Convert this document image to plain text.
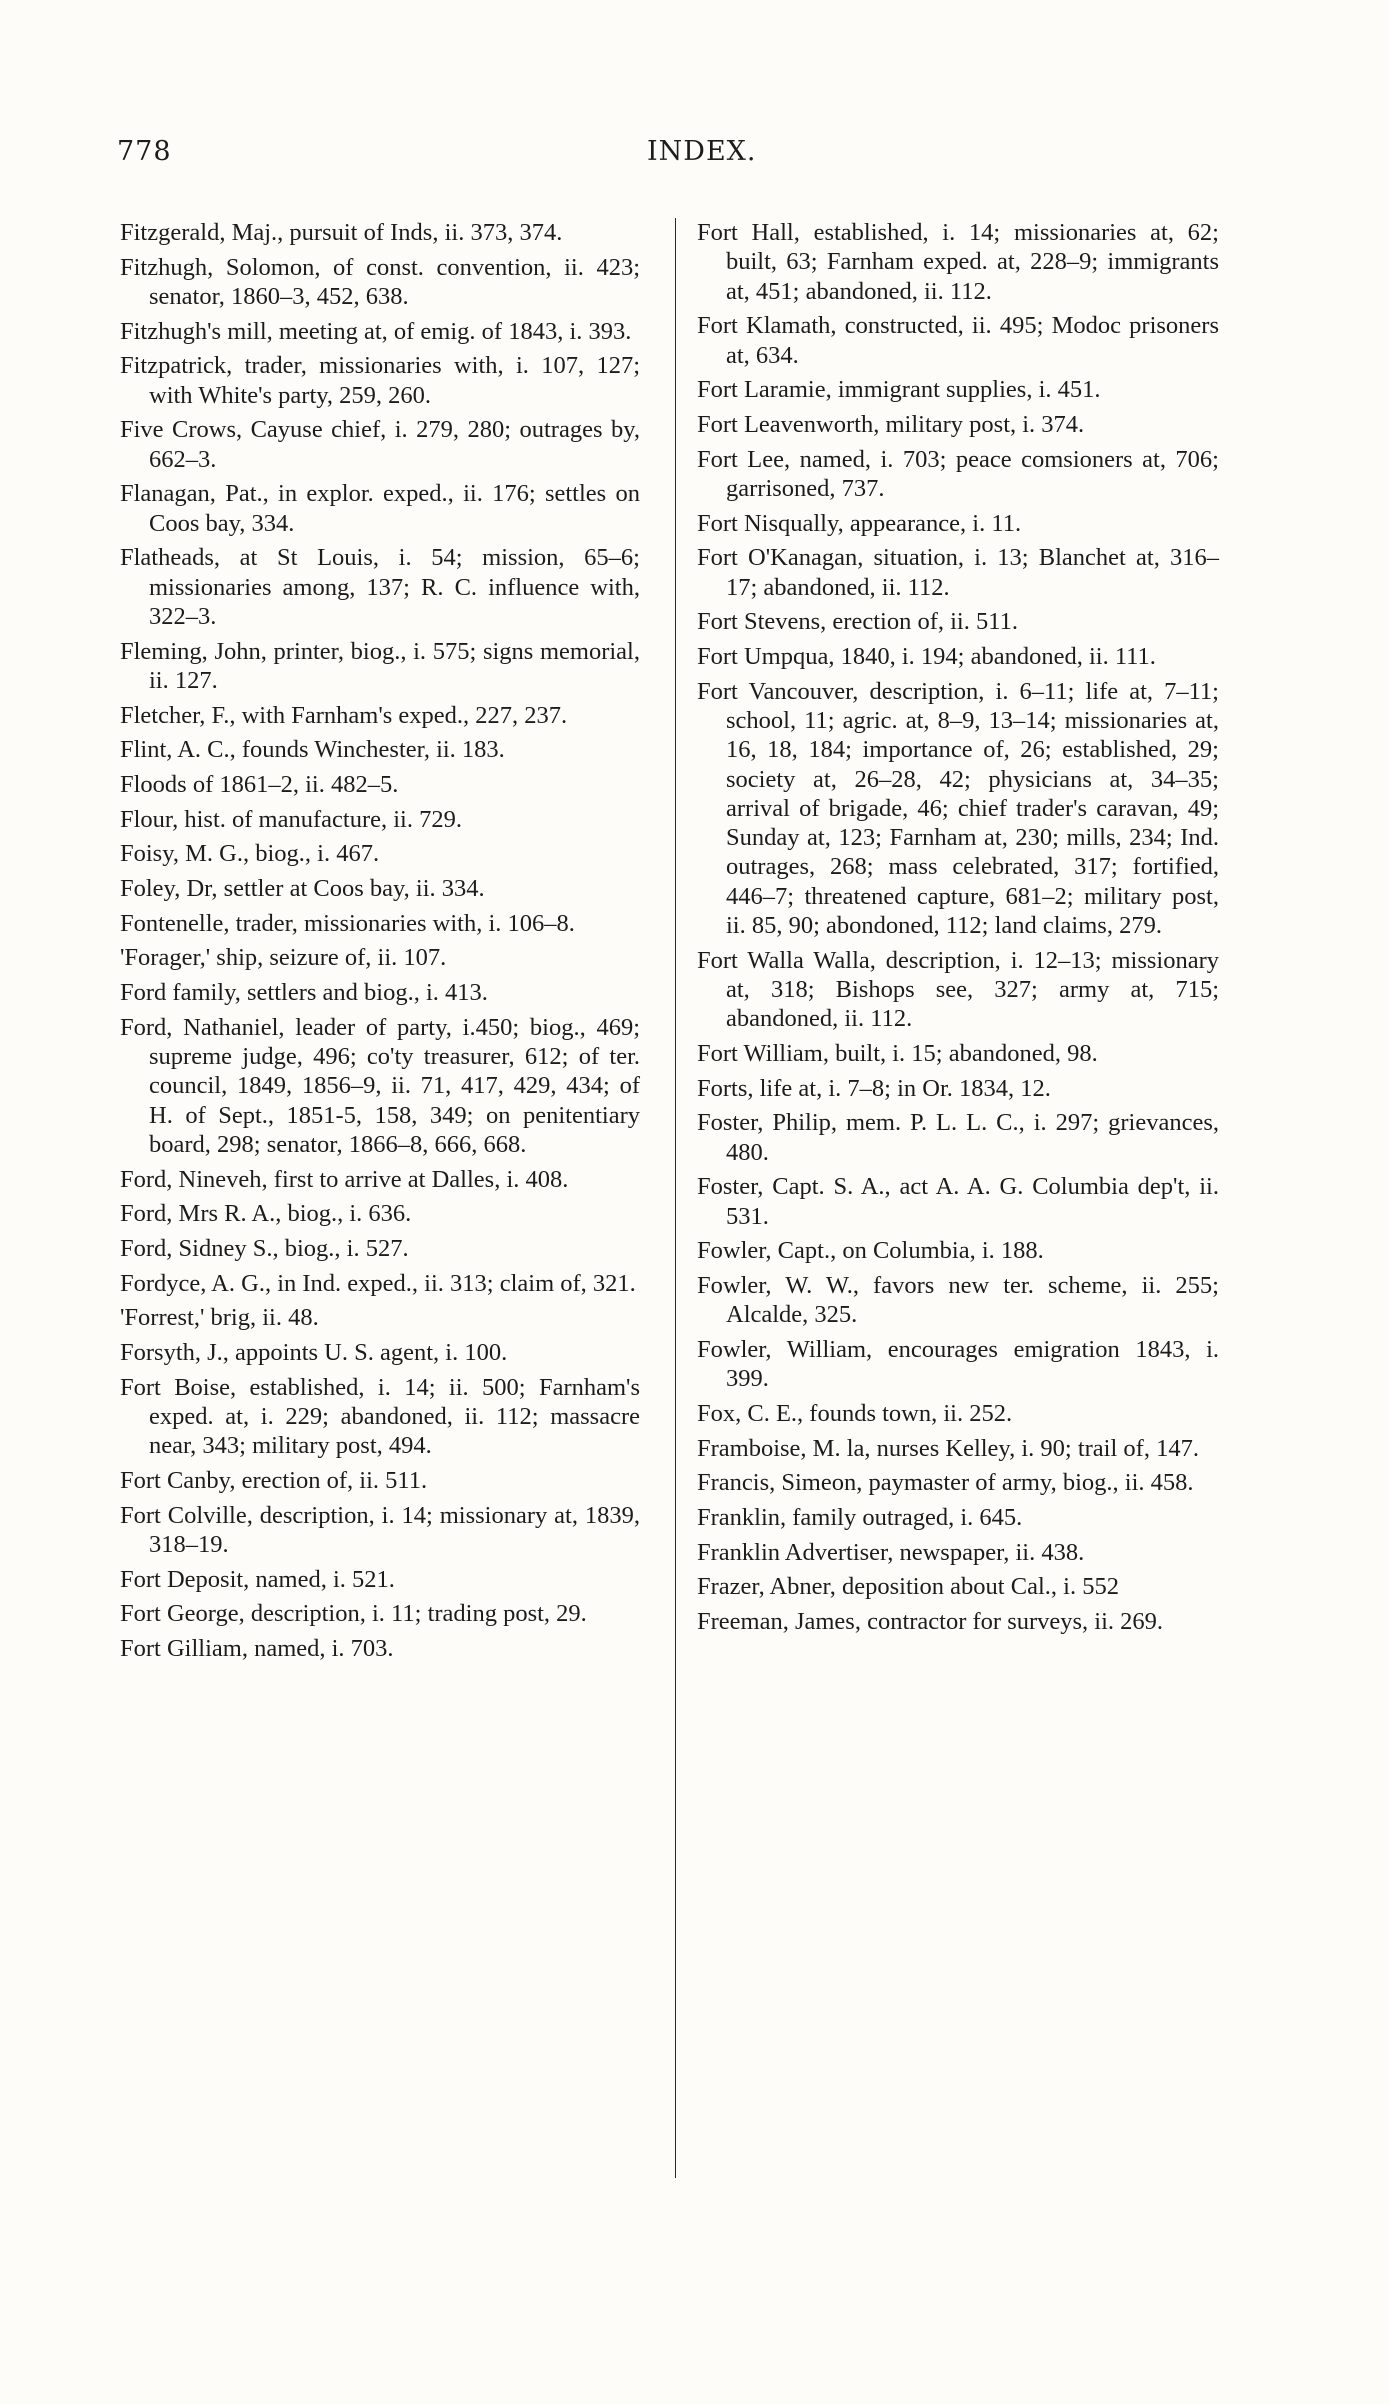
778	INDEX.

Fitzgerald, Maj., pursuit of Inds, ii. 373, 374.

Fitzhugh, Solomon, of const. convention, ii. 423; senator, 1860–3, 452, 638.

Fitzhugh's mill, meeting at, of emig. of 1843, i. 393.

Fitzpatrick, trader, missionaries with, i. 107, 127; with White's party, 259, 260.

Five Crows, Cayuse chief, i. 279, 280; outrages by, 662–3.

Flanagan, Pat., in explor. exped., ii. 176; settles on Coos bay, 334.

Flatheads, at St Louis, i. 54; mission, 65–6; missionaries among, 137; R. C. influence with, 322–3.

Fleming, John, printer, biog., i. 575; signs memorial, ii. 127.

Fletcher, F., with Farnham's exped., 227, 237.

Flint, A. C., founds Winchester, ii. 183.

Floods of 1861–2, ii. 482–5.

Flour, hist. of manufacture, ii. 729.

Foisy, M. G., biog., i. 467.

Foley, Dr, settler at Coos bay, ii. 334.

Fontenelle, trader, missionaries with, i. 106–8.

'Forager,' ship, seizure of, ii. 107.

Ford family, settlers and biog., i. 413.

Ford, Nathaniel, leader of party, i.450; biog., 469; supreme judge, 496; co'ty treasurer, 612; of ter. council, 1849, 1856–9, ii. 71, 417, 429, 434; of H. of Sept., 1851-5, 158, 349; on penitentiary board, 298; senator, 1866–8, 666, 668.

Ford, Nineveh, first to arrive at Dalles, i. 408.

Ford, Mrs R. A., biog., i. 636.

Ford, Sidney S., biog., i. 527.

Fordyce, A. G., in Ind. exped., ii. 313; claim of, 321.

'Forrest,' brig, ii. 48.

Forsyth, J., appoints U. S. agent, i. 100.

Fort Boise, established, i. 14; ii. 500; Farnham's exped. at, i. 229; abandoned, ii. 112; massacre near, 343; military post, 494.

Fort Canby, erection of, ii. 511.

Fort Colville, description, i. 14; missionary at, 1839, 318–19.

Fort Deposit, named, i. 521.

Fort George, description, i. 11; trading post, 29.

Fort Gilliam, named, i. 703.

Fort Hall, established, i. 14; missionaries at, 62; built, 63; Farnham exped. at, 228–9; immigrants at, 451; abandoned, ii. 112.

Fort Klamath, constructed, ii. 495; Modoc prisoners at, 634.

Fort Laramie, immigrant supplies, i. 451.

Fort Leavenworth, military post, i. 374.

Fort Lee, named, i. 703; peace comsioners at, 706; garrisoned, 737.

Fort Nisqually, appearance, i. 11.

Fort O'Kanagan, situation, i. 13; Blanchet at, 316–17; abandoned, ii. 112.

Fort Stevens, erection of, ii. 511.

Fort Umpqua, 1840, i. 194; abandoned, ii. 111.

Fort Vancouver, description, i. 6–11; life at, 7–11; school, 11; agric. at, 8–9, 13–14; missionaries at, 16, 18, 184; importance of, 26; established, 29; society at, 26–28, 42; physicians at, 34–35; arrival of brigade, 46; chief trader's caravan, 49; Sunday at, 123; Farnham at, 230; mills, 234; Ind. outrages, 268; mass celebrated, 317; fortified, 446–7; threatened capture, 681–2; military post, ii. 85, 90; abondoned, 112; land claims, 279.

Fort Walla Walla, description, i. 12–13; missionary at, 318; Bishops see, 327; army at, 715; abandoned, ii. 112.

Fort William, built, i. 15; abandoned, 98.

Forts, life at, i. 7–8; in Or. 1834, 12.

Foster, Philip, mem. P. L. L. C., i. 297; grievances, 480.

Foster, Capt. S. A., act A. A. G. Columbia dep't, ii. 531.

Fowler, Capt., on Columbia, i. 188.

Fowler, W. W., favors new ter. scheme, ii. 255; Alcalde, 325.

Fowler, William, encourages emigration 1843, i. 399.

Fox, C. E., founds town, ii. 252.

Framboise, M. la, nurses Kelley, i. 90; trail of, 147.

Francis, Simeon, paymaster of army, biog., ii. 458.

Franklin, family outraged, i. 645.

Franklin Advertiser, newspaper, ii. 438.

Frazer, Abner, deposition about Cal., i. 552

Freeman, James, contractor for surveys, ii. 269.
